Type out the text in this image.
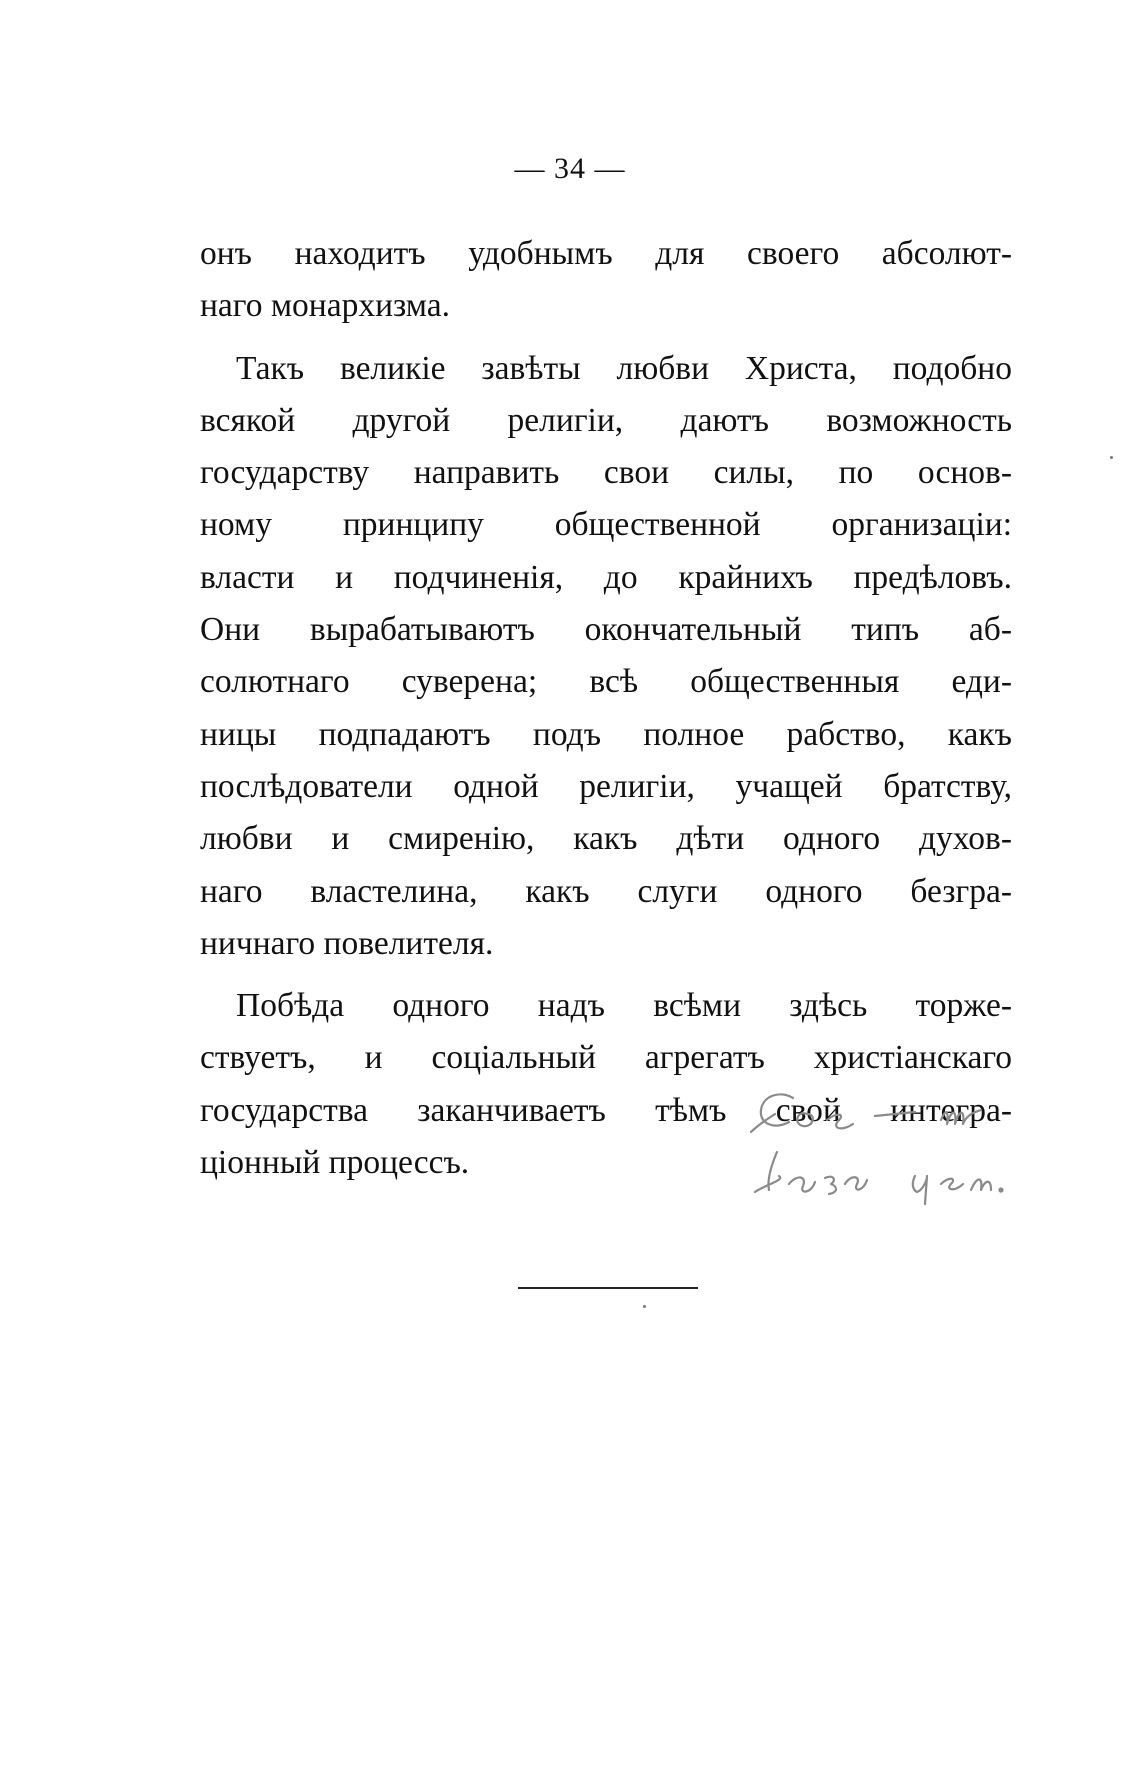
— 34 —
онъ находитъ удобнымъ для своего абсолют-
наго монархизма.
Такъ великіе завѣты любви Христа, подобно
всякой другой религіи, даютъ возможность
государству направить свои силы, по основ-
ному принципу общественной организаціи:
власти и подчиненія, до крайнихъ предѣловъ.
Они вырабатываютъ окончательный типъ аб-
солютнаго суверена; всѣ общественныя еди-
ницы подпадаютъ подъ полное рабство, какъ
послѣдователи одной религіи, учащей братству,
любви и смиренію, какъ дѣти одного духов-
наго властелина, какъ слуги одного безгра-
ничнаго повелителя.
Побѣда одного надъ всѣми здѣсь торже-
ствуетъ, и соціальный агрегатъ христіанскаго
государства заканчиваетъ тѣмъ свой интегра-
ціонный процессъ.
